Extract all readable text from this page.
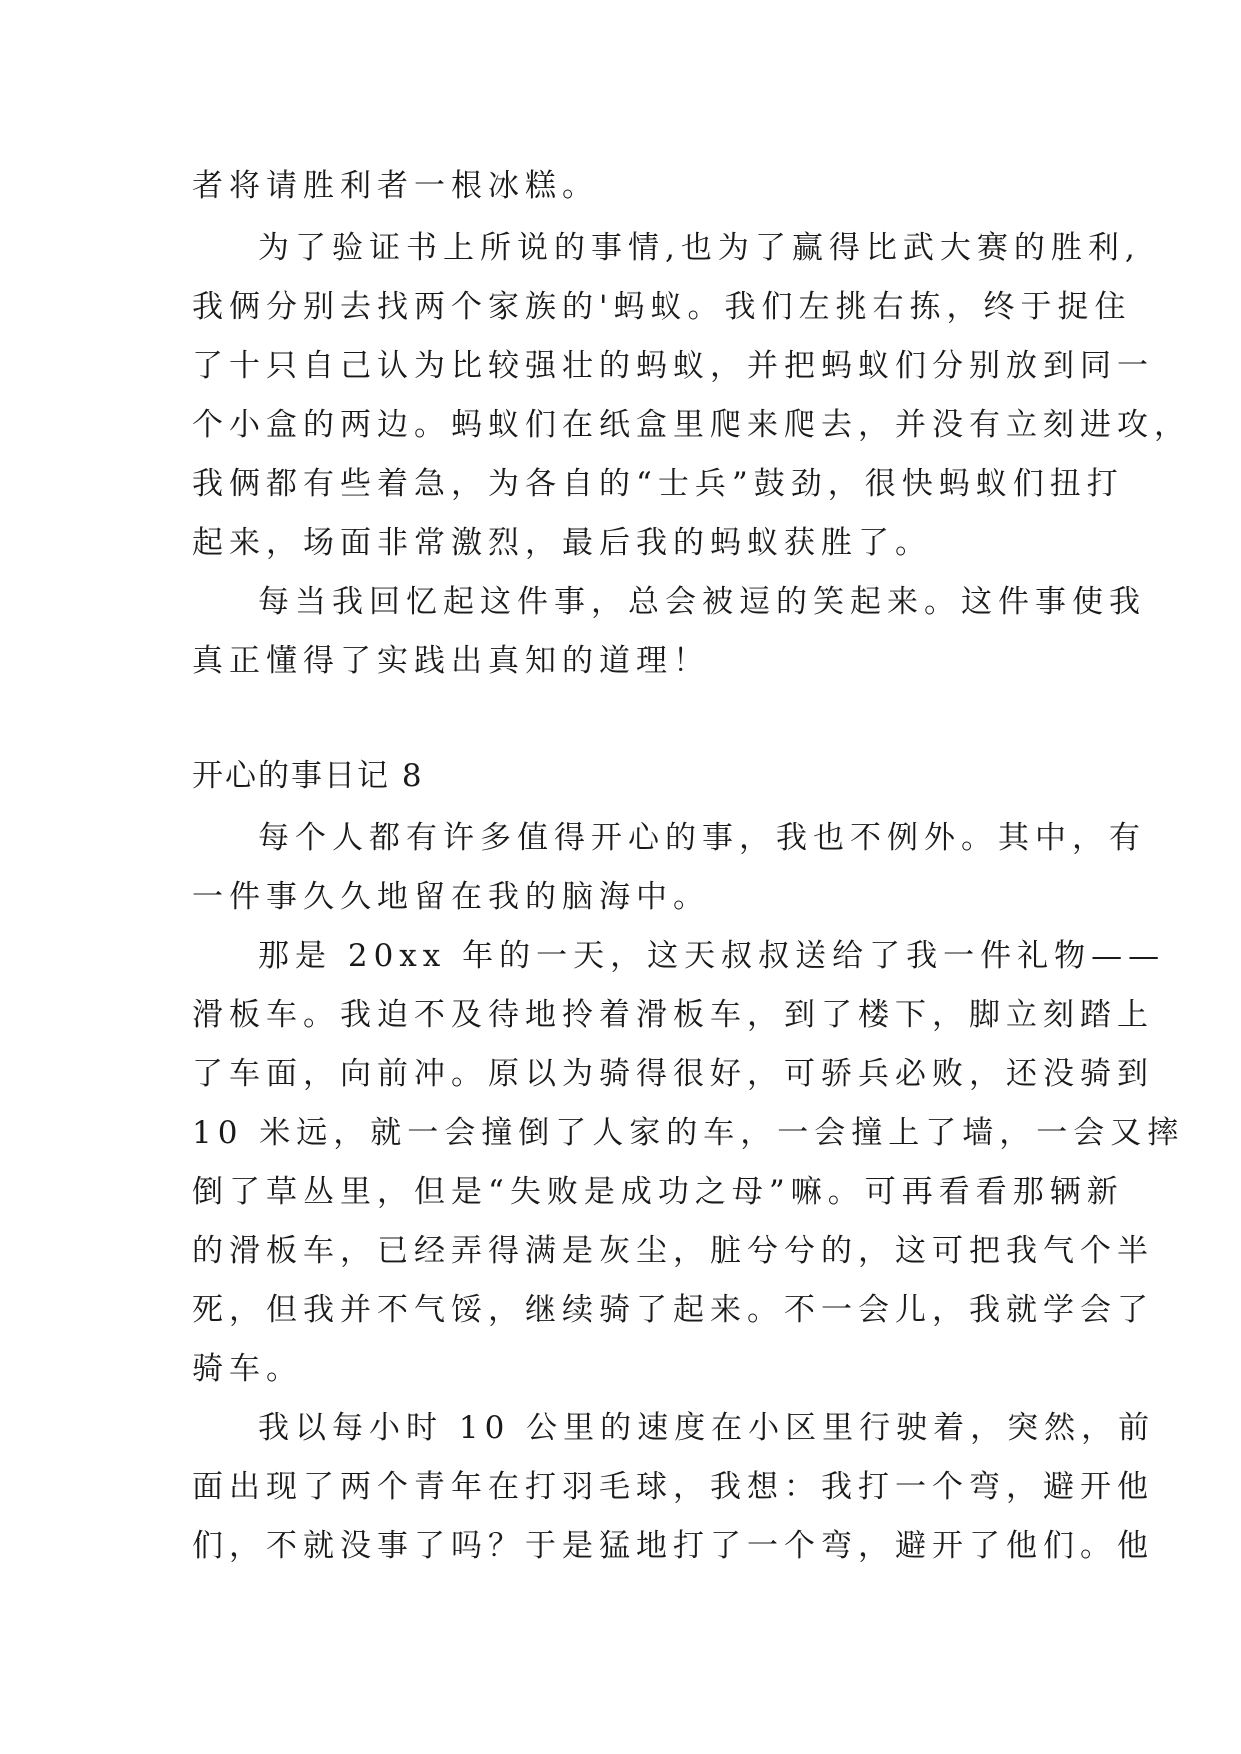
者将请胜利者一根冰糕。
为了验证书上所说的事情,也为了赢得比武大赛的胜利,
我俩分别去找两个家族的'蚂蚁。我们左挑右拣，终于捉住
了十只自己认为比较强壮的蚂蚁，并把蚂蚁们分别放到同一
个小盒的两边。蚂蚁们在纸盒里爬来爬去，并没有立刻进攻，
我俩都有些着急，为各自的“士兵”鼓劲，很快蚂蚁们扭打
起来，场面非常激烈，最后我的蚂蚁获胜了。
每当我回忆起这件事，总会被逗的笑起来。这件事使我
真正懂得了实践出真知的道理！
开心的事日记 8
每个人都有许多值得开心的事，我也不例外。其中，有
一件事久久地留在我的脑海中。
那是 20xx 年的一天，这天叔叔送给了我一件礼物——
滑板车。我迫不及待地拎着滑板车，到了楼下，脚立刻踏上
了车面，向前冲。原以为骑得很好，可骄兵必败，还没骑到
10 米远，就一会撞倒了人家的车，一会撞上了墙，一会又摔
倒了草丛里，但是“失败是成功之母”嘛。可再看看那辆新
的滑板车，已经弄得满是灰尘，脏兮兮的，这可把我气个半
死，但我并不气馁，继续骑了起来。不一会儿，我就学会了
骑车。
我以每小时 10 公里的速度在小区里行驶着，突然，前
面出现了两个青年在打羽毛球，我想：我打一个弯，避开他
们，不就没事了吗？于是猛地打了一个弯，避开了他们。他
